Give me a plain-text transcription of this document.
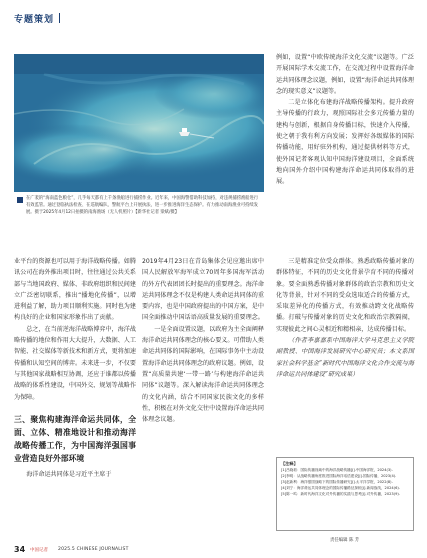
专题策划
在广袤的“海南蓝色粮仓”，几乎每天都有上千条渔船进行捕捞作业。近年来，中国海警借助科技加持，对违规捕捞渔船进行有效监管。通过登临执法检查、在巡航编队、警航平台上开展执法，进一步推进海洋生态保护。有力推动南海渔业可持续发展。摄于2025年4月12日拍摄的南海渔场（无人机照片）【新华社记者 梁斌/摄】

例如，设置“中欧传统海洋文化交流”议题等。广泛开展国际学术交流工作，在交流过程中设置海洋命运共同体理念议题，例如，设置“海洋命运共同体理念的现实意义”议题等。

二是立体化布建海洋战略传播架构。提升政府主导传播的行政力，观照国际社会多元传播力量的建构与创新，根据自身传播目标，快速介入传播，使之朝于我有利方向发展；发挥好各级媒体的国际传播功能，用好驻外机构，通过提供材料等方式，使外国记者客观认知中国海洋建设项目，全面系统地向国外介绍中国构建海洋命运共同体取得的进展。

业平台的资源也可以用于海洋战略传播。如腾讯公司在海外推出项目时，往往通过公共关系部与当地国政府、媒体、非政府组织和民间建立广泛密切联系，推出“播地化传播”，以增进利益了解，助力项目顺利实施。同时也为建构良好的企业和国家形象作出了贡献。

总之，在当前逆海洋战略博弈中，海洋战略传播的地位和作用大大提升，大数据、人工智能、社交媒体等新技术和新方式，更将加速传播和认知空间的博弈。未来进一步，不仅要与其他国家战略相互协调，还应于谁都以传播战略的体系性建设，中国外交、规划等战略作为保障。

三、聚焦构建海洋命运共同体，全面、立体、精准地设计和推动海洋战略传播工作，为中国海洋强国事业营造良好外部环境

海洋命运共同体是习近平主席于

2019年4月23日在青岛集体会见应邀出席中国人民解放军海军成立70周年多国海军活动的外方代表团团长时提出的重要理念。海洋命运共同体理念不仅是构建人类命运共同体的重要内容，也是中国政府提出的中国方案，是中国全面推动中国话语高质量发展的重要理念。

一是全面设置议题，以政府为主全面阐释海洋命运共同体理念的核心要义。可借助人类命运共同体的国际影响，在国际事务中主动设置海洋命运共同体理念的政府议题。例如，设置“高质量共建‘一带一路’与构建海洋命运共同体”议题等。深入解读海洋命运共同体理念的文化内涵，结合不同国家民族文化的多样性，积极在对外文化交往中设置海洋命运共同体理念议题。

三是精准定位受众群体。熟悉政略传播对象的群体特征，不同的历史文化背景孕育不同的传播对象。要全面熟悉传播对象群体的政治宗教和历史文化等背景，针对不同的受众选取适合的传播方式，采取差异化的传播方式，有效推动跨文化战略传播。打破与传播对象的历史文化和政治宗教隔阂，实现彼此之间心灵相近和精相亲，达成传播目标。

（作者李嘉嘉系中国海洋大学马克思主义学院副教授、中国海洋发展研究中心研究员；本文系国家社会科学基金“新时代中国海洋文化合作交流与海洋命运共同体建设”研究成果）

【注释】
[1]吕晓莉：国际传播视域中的海洋战略传播[J].中国海洋报，2024(3).
[2]李明：从战略传播角度推进国际海洋话语建设[J].国际传播，2023(4).
[3]赵新利：海洋强国战略下的国际传播研究[J].太平洋学报，2022(8).
[4]刘宁：海洋命运共同体理念的国际传播路径探析[J].新闻战线，2024(6).
[5]陈一鸣：新时代海洋文化对外传播的实践与思考[J].对外传播，2023(9).
责任编辑 陈 芳
34 中国记者 2025.5 CHINESE JOURNALIST
